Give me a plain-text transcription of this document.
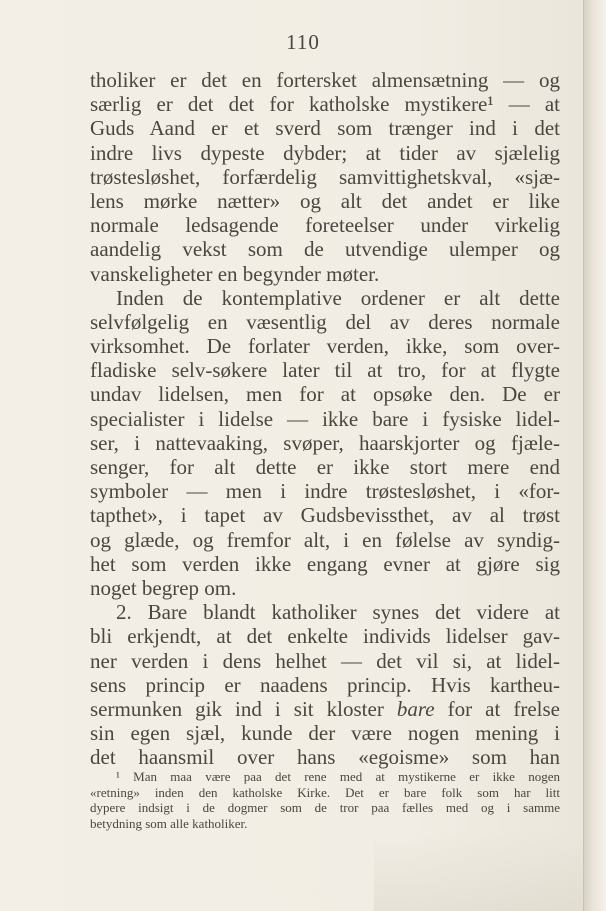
110
tholiker er det en fortersket almensætning — og
særlig er det det for katholske mystikere¹ — at
Guds Aand er et sverd som trænger ind i det
indre livs dypeste dybder; at tider av sjælelig
trøstesløshet, forfærdelig samvittighetskval, «sjæ-
lens mørke nætter» og alt det andet er like
normale ledsagende foreteelser under virkelig
aandelig vekst som de utvendige ulemper og
vanskeligheter en begynder møter.
Inden de kontemplative ordener er alt dette
selvfølgelig en væsentlig del av deres normale
virksomhet. De forlater verden, ikke, som over-
fladiske selv-søkere later til at tro, for at flygte
undav lidelsen, men for at opsøke den. De er
specialister i lidelse — ikke bare i fysiske lidel-
ser, i nattevaaking, svøper, haarskjorter og fjæle-
senger, for alt dette er ikke stort mere end
symboler — men i indre trøstesløshet, i «for-
tapthet», i tapet av Gudsbevissthet, av al trøst
og glæde, og fremfor alt, i en følelse av syndig-
het som verden ikke engang evner at gjøre sig
noget begrep om.
2. Bare blandt katholiker synes det videre at
bli erkjendt, at det enkelte individs lidelser gav-
ner verden i dens helhet — det vil si, at lidel-
sens princip er naadens princip. Hvis kartheu-
sermunken gik ind i sit kloster bare for at frelse
sin egen sjæl, kunde der være nogen mening i
det haansmil over hans «egoisme» som han
¹ Man maa være paa det rene med at mystikerne er ikke nogen
«retning» inden den katholske Kirke. Det er bare folk som har litt
dypere indsigt i de dogmer som de tror paa fælles med og i samme
betydning som alle katholiker.
